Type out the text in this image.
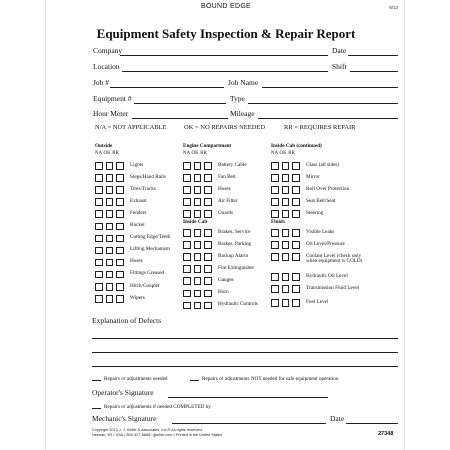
BOUND EDGE	8/13
Equipment Safety Inspection & Repair Report
Company	Date
Location	Shift
Job #	Job Name
Equipment #	Type
Hour Meter	Mileage
N/A = NOT APPLICABLE	OK = NO REPAIRS NEEDED	RR = REQUIRES REPAIR
Outside
NA OK RR
Lights
Steps/Hand Rails
Tires/Tracks
Exhaust
Fenders
Bucket
Cutting Edge/Teeth
Lifting Mechanism
Hoses
Fittings Greased
Hitch/Coupler
Wipers
Engine Compartment
NA OK RR
Battery Cable
Fan Belt
Hoses
Air Filter
Guards
Inside Cab
Brakes, Service
Brakes, Parking
Backup Alarm
Fire Extinguisher
Gauges
Horn
Hydraulic Controls
Inside Cab (continued)
NA OK RR
Glass (all sides)
Mirror
Roll Over Protection
Seat Belt/Seat
Steering
Fluids
Visible Leaks
Oil Level/Pressure
Coolant Level (check only when equipment is COLD)
Hydraulic Oil Level
Transmission Fluid Level
Fuel Level
Explanation of Defects
Repairs or adjustments needed	Repairs or adjustments NOT needed for safe equipment operation
Operator's Signature
Repairs or adjustments if needed COMPLETED by
Mechanic's Signature	Date
Copyright 2013 J. J. Keller & Associates, Inc.® All rights reserved.
Neenah, WI • USA • 800-327-6868 • jjkeller.com • Printed in the United States	27348
